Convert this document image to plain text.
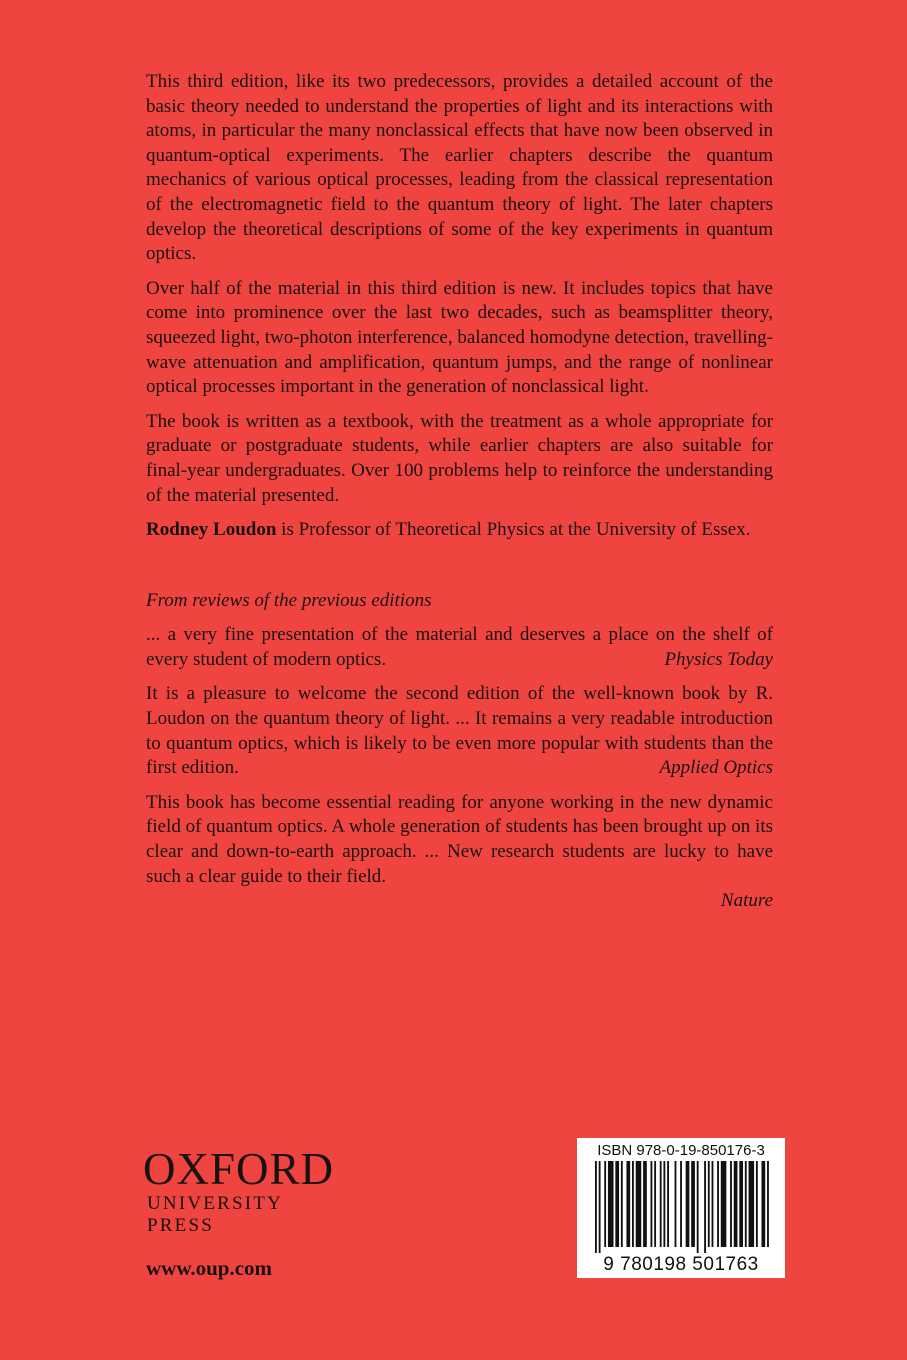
This third edition, like its two predecessors, provides a detailed account of the basic theory needed to understand the properties of light and its interactions with atoms, in particular the many nonclassical effects that have now been observed in quantum-optical experiments. The earlier chapters describe the quantum mechanics of various optical processes, leading from the classical representation of the electromagnetic field to the quantum theory of light. The later chapters develop the theoretical descriptions of some of the key experiments in quantum optics.

Over half of the material in this third edition is new. It includes topics that have come into prominence over the last two decades, such as beamsplitter theory, squeezed light, two-photon interference, balanced homodyne detection, travelling-wave attenuation and amplification, quantum jumps, and the range of nonlinear optical processes important in the generation of nonclassical light.

The book is written as a textbook, with the treatment as a whole appropriate for graduate or postgraduate students, while earlier chapters are also suitable for final-year undergraduates. Over 100 problems help to reinforce the understanding of the material presented.

Rodney Loudon is Professor of Theoretical Physics at the University of Essex.

From reviews of the previous editions

... a very fine presentation of the material and deserves a place on the shelf of every student of modern optics.	Physics Today

It is a pleasure to welcome the second edition of the well-known book by R. Loudon on the quantum theory of light. ... It remains a very readable introduction to quantum optics, which is likely to be even more popular with students than the first edition.	Applied Optics

This book has become essential reading for anyone working in the new dynamic field of quantum optics. A whole generation of students has been brought up on its clear and down-to-earth approach. ... New research students are lucky to have such a clear guide to their field.

Nature
OXFORD
UNIVERSITY PRESS
www.oup.com
ISBN 978-0-19-850176-3
9 780198 501763
